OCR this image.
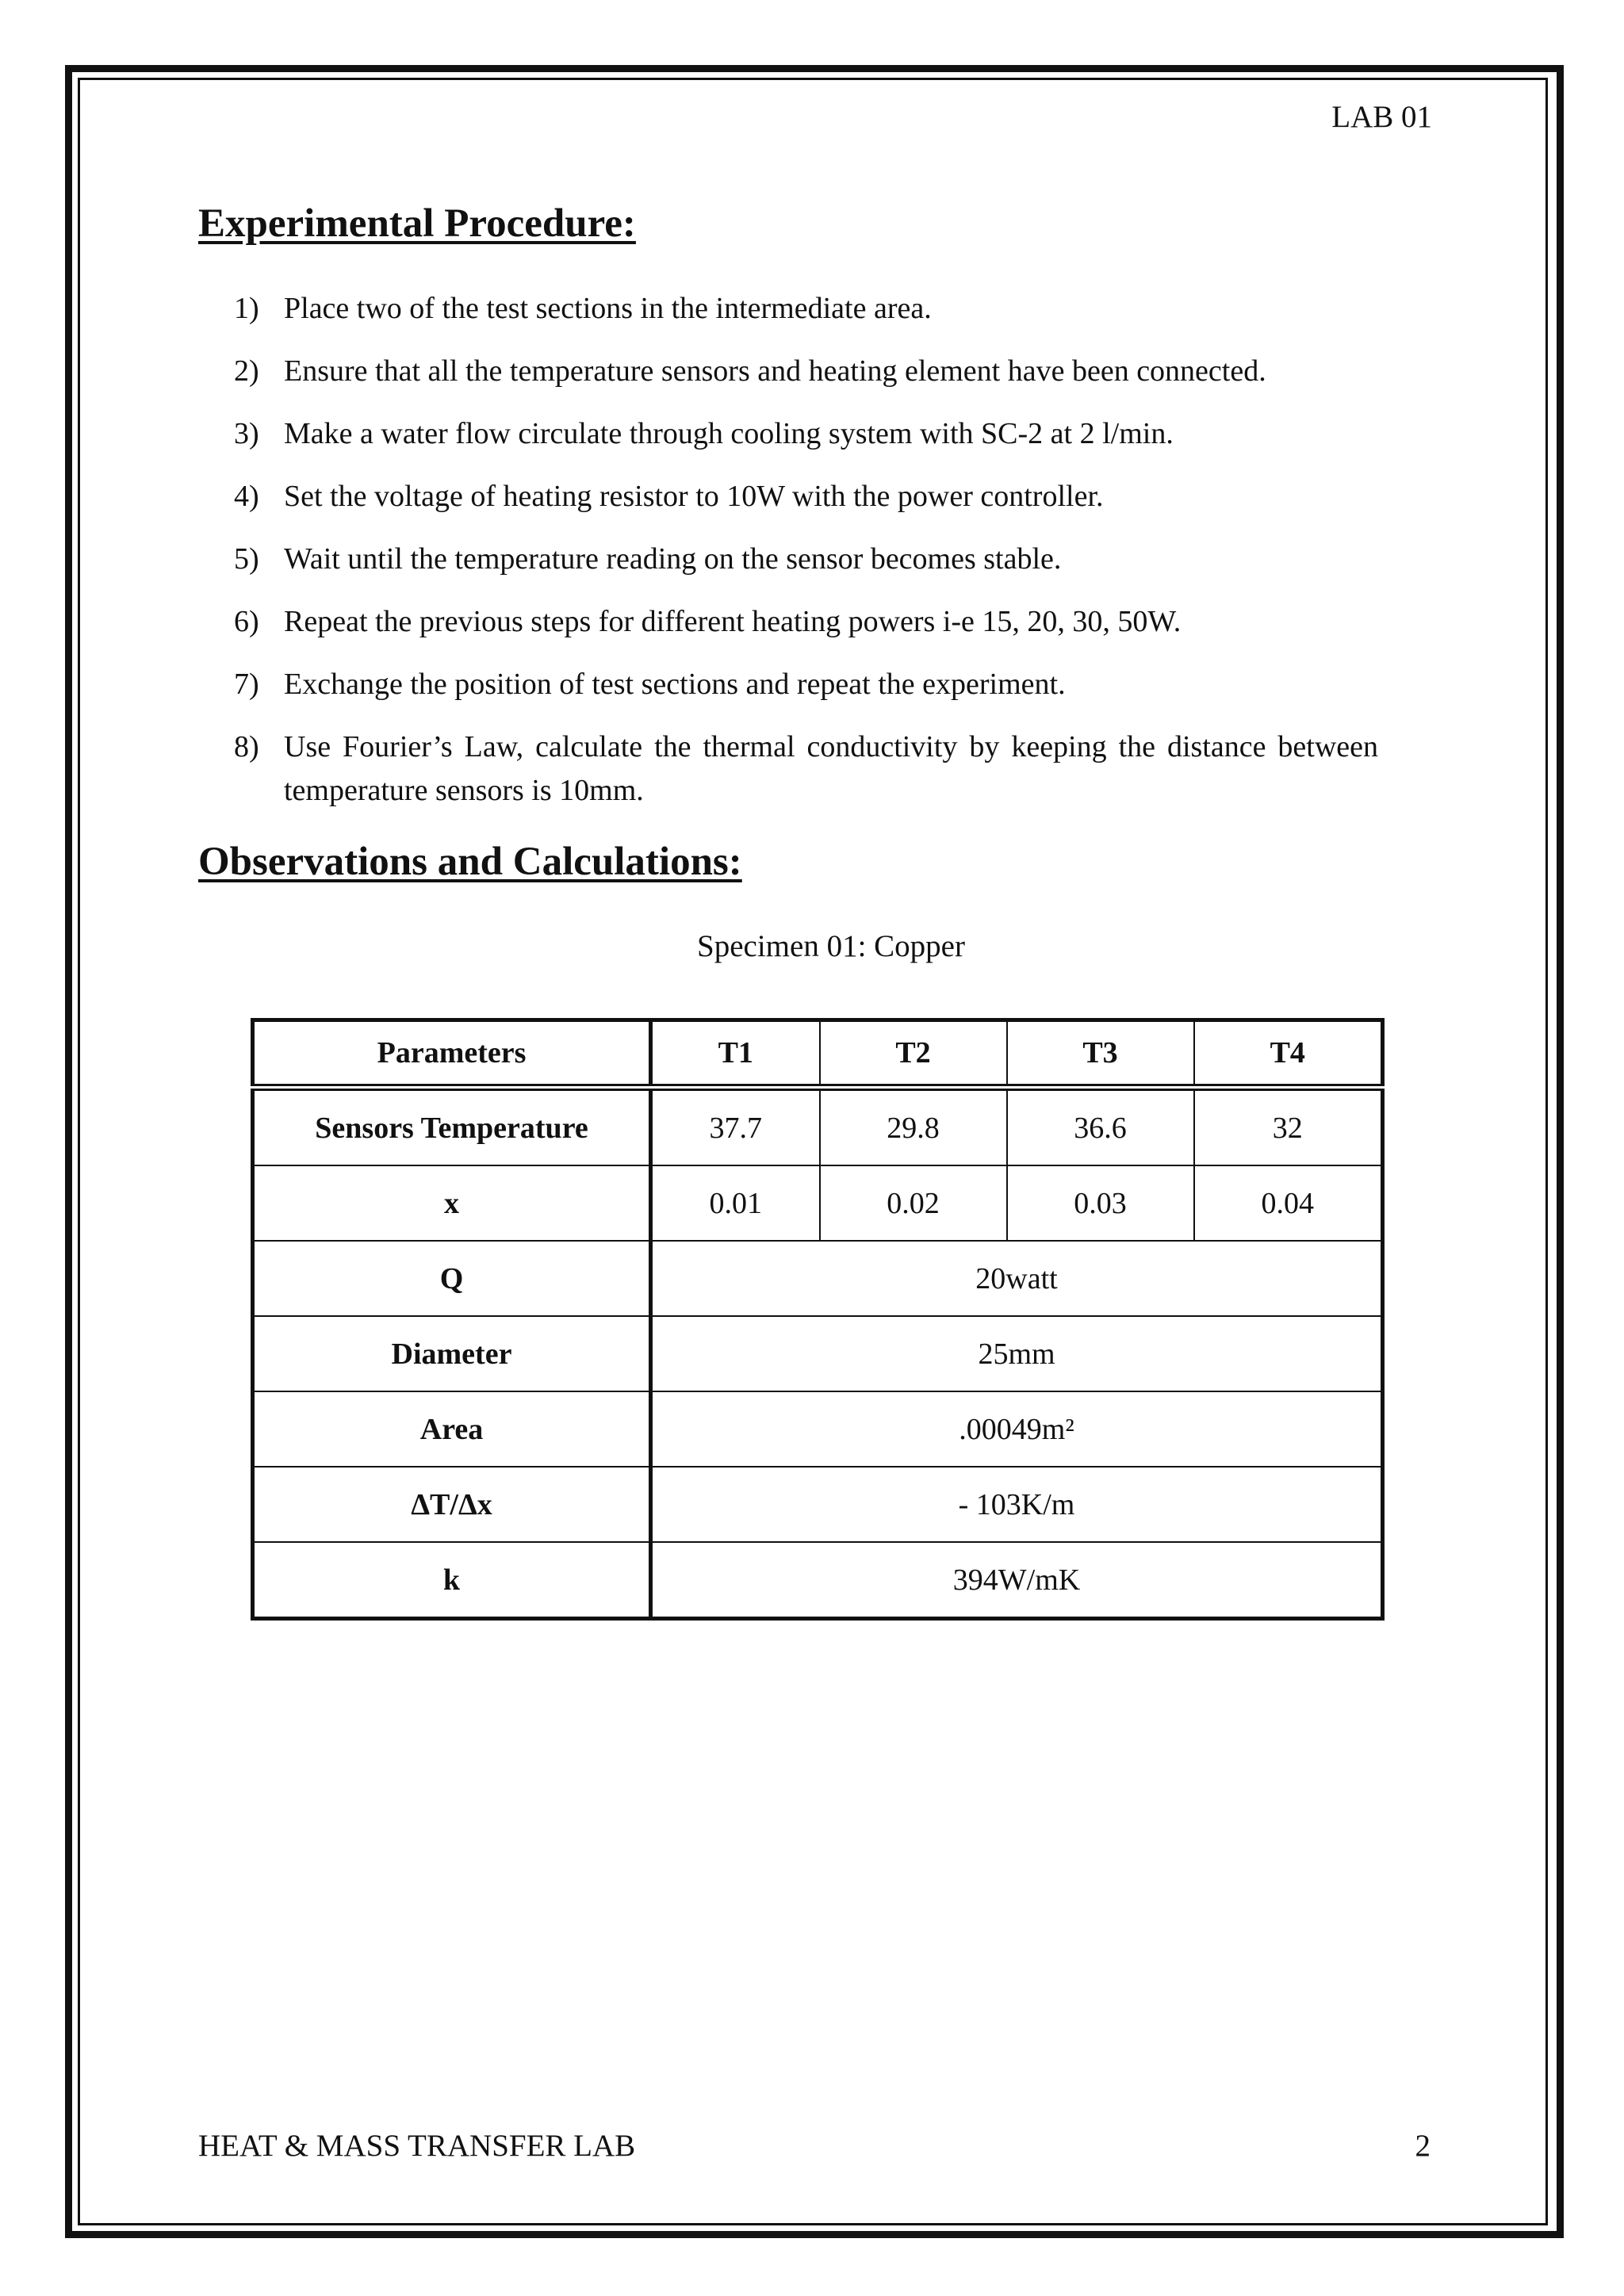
LAB 01
Experimental Procedure:
1) Place two of the test sections in the intermediate area.
2) Ensure that all the temperature sensors and heating element have been connected.
3) Make a water flow circulate through cooling system with SC-2 at 2 l/min.
4) Set the voltage of heating resistor to 10W with the power controller.
5) Wait until the temperature reading on the sensor becomes stable.
6) Repeat the previous steps for different heating powers i-e 15, 20, 30, 50W.
7) Exchange the position of test sections and repeat the experiment.
8) Use Fourier’s Law, calculate the thermal conductivity by keeping the distance between temperature sensors is 10mm.
Observations and Calculations:
Specimen 01: Copper
Parameters	T1	T2	T3	T4
Sensors Temperature	37.7	29.8	36.6	32
x	0.01	0.02	0.03	0.04
Q	20watt			
Diameter	25mm			
Area	.00049m²			
ΔT/Δx	- 103K/m			
k	394W/mK			
HEAT & MASS TRANSFER LAB	2
